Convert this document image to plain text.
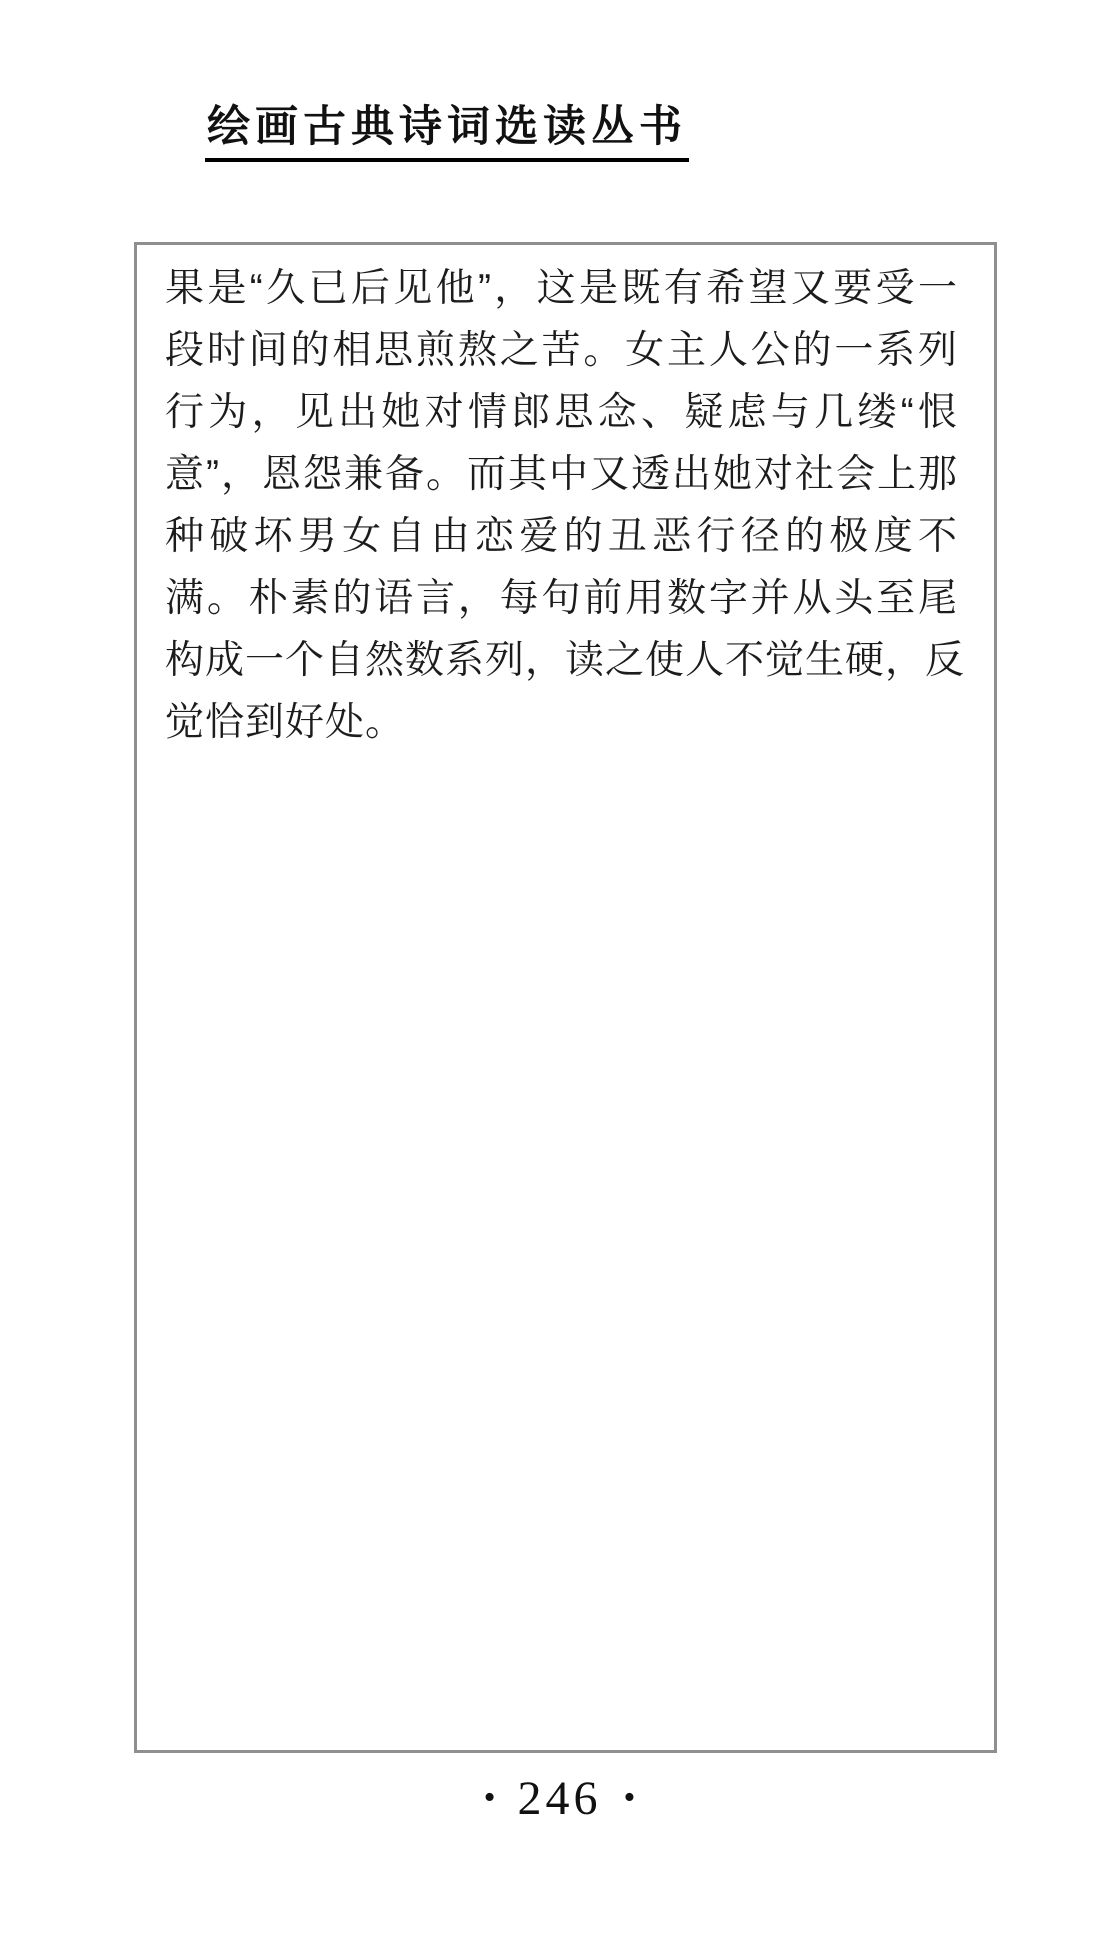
绘画古典诗词选读丛书
果是“久已后见他”，这是既有希望又要受一
段时间的相思煎熬之苦。女主人公的一系列
行为，见出她对情郎思念、疑虑与几缕“恨
意”，恩怨兼备。而其中又透出她对社会上那
种破坏男女自由恋爱的丑恶行径的极度不
满。朴素的语言，每句前用数字并从头至尾
构成一个自然数系列，读之使人不觉生硬，反
觉恰到好处。
• 246 •
